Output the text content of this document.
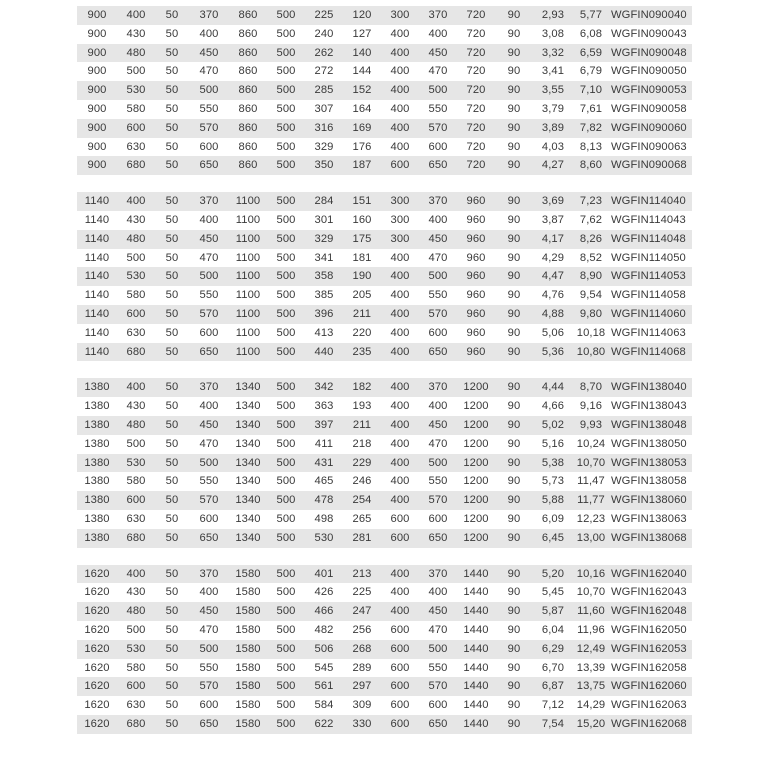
900	400	50	370	860	500	225	120	300	370	720	90	2,93	5,77 WGFIN090040
900	430	50	400	860	500	240	127	400	400	720	90	3,08	6,08 WGFIN090043
900	480	50	450	860	500	262	140	400	450	720	90	3,32	6,59 WGFIN090048
900	500	50	470	860	500	272	144	400	470	720	90	3,41	6,79 WGFIN090050
900	530	50	500	860	500	285	152	400	500	720	90	3,55	7,10 WGFIN090053
900	580	50	550	860	500	307	164	400	550	720	90	3,79	7,61 WGFIN090058
900	600	50	570	860	500	316	169	400	570	720	90	3,89	7,82 WGFIN090060
900	630	50	600	860	500	329	176	400	600	720	90	4,03	8,13 WGFIN090063
900	680	50	650	860	500	350	187	600	650	720	90	4,27	8,60 WGFIN090068
1140	400	50	370	1100	500	284	151	300	370	960	90	3,69	7,23 WGFIN114040
1140	430	50	400	1100	500	301	160	300	400	960	90	3,87	7,62 WGFIN114043
1140	480	50	450	1100	500	329	175	300	450	960	90	4,17	8,26 WGFIN114048
1140	500	50	470	1100	500	341	181	400	470	960	90	4,29	8,52 WGFIN114050
1140	530	50	500	1100	500	358	190	400	500	960	90	4,47	8,90 WGFIN114053
1140	580	50	550	1100	500	385	205	400	550	960	90	4,76	9,54 WGFIN114058
1140	600	50	570	1100	500	396	211	400	570	960	90	4,88	9,80 WGFIN114060
1140	630	50	600	1100	500	413	220	400	600	960	90	5,06	10,18 WGFIN114063
1140	680	50	650	1100	500	440	235	400	650	960	90	5,36	10,80 WGFIN114068
1380	400	50	370	1340	500	342	182	400	370	1200	90	4,44	8,70 WGFIN138040
1380	430	50	400	1340	500	363	193	400	400	1200	90	4,66	9,16 WGFIN138043
1380	480	50	450	1340	500	397	211	400	450	1200	90	5,02	9,93 WGFIN138048
1380	500	50	470	1340	500	411	218	400	470	1200	90	5,16	10,24 WGFIN138050
1380	530	50	500	1340	500	431	229	400	500	1200	90	5,38	10,70 WGFIN138053
1380	580	50	550	1340	500	465	246	400	550	1200	90	5,73	11,47 WGFIN138058
1380	600	50	570	1340	500	478	254	400	570	1200	90	5,88	11,77 WGFIN138060
1380	630	50	600	1340	500	498	265	600	600	1200	90	6,09	12,23 WGFIN138063
1380	680	50	650	1340	500	530	281	600	650	1200	90	6,45	13,00 WGFIN138068
1620	400	50	370	1580	500	401	213	400	370	1440	90	5,20	10,16 WGFIN162040
1620	430	50	400	1580	500	426	225	400	400	1440	90	5,45	10,70 WGFIN162043
1620	480	50	450	1580	500	466	247	400	450	1440	90	5,87	11,60 WGFIN162048
1620	500	50	470	1580	500	482	256	600	470	1440	90	6,04	11,96 WGFIN162050
1620	530	50	500	1580	500	506	268	600	500	1440	90	6,29	12,49 WGFIN162053
1620	580	50	550	1580	500	545	289	600	550	1440	90	6,70	13,39 WGFIN162058
1620	600	50	570	1580	500	561	297	600	570	1440	90	6,87	13,75 WGFIN162060
1620	630	50	600	1580	500	584	309	600	600	1440	90	7,12	14,29 WGFIN162063
1620	680	50	650	1580	500	622	330	600	650	1440	90	7,54	15,20 WGFIN162068
